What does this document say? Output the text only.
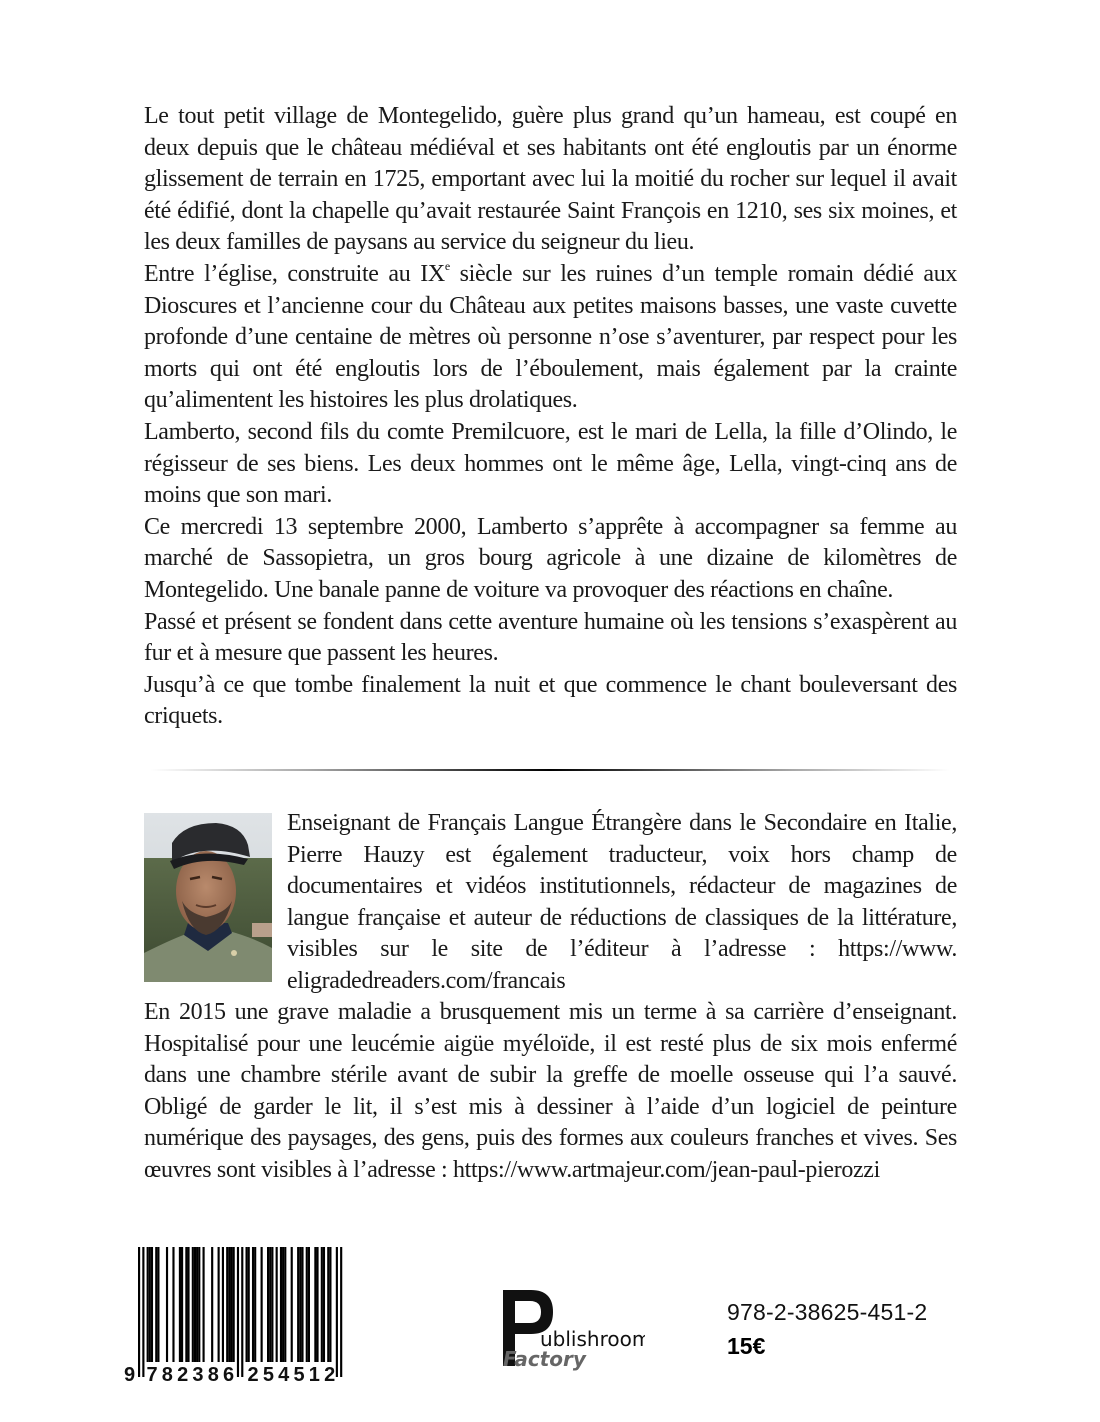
Le tout petit village de Montegelido, guère plus grand qu’un hameau, est coupé en deux depuis que le château médiéval et ses habitants ont été engloutis par un énorme glissement de terrain en 1725, emportant avec lui la moitié du rocher sur lequel il avait été édifié, dont la chapelle qu’avait restaurée Saint François en 1210, ses six moines, et les deux familles de paysans au service du seigneur du lieu.

Entre l’église, construite au IXe siècle sur les ruines d’un temple romain dédié aux Dioscures et l’ancienne cour du Château aux petites maisons basses, une vaste cuvette profonde d’une centaine de mètres où personne n’ose s’aventurer, par respect pour les morts qui ont été engloutis lors de l’éboulement, mais également par la crainte qu’alimentent les histoires les plus drolatiques.

Lamberto, second fils du comte Premilcuore, est le mari de Lella, la fille d’Olindo, le régisseur de ses biens. Les deux hommes ont le même âge, Lella, vingt-cinq ans de moins que son mari.

Ce mercredi 13 septembre 2000, Lamberto s’apprête à accompagner sa femme au marché de Sassopietra, un gros bourg agricole à une dizaine de kilomètres de Montegelido. Une banale panne de voiture va provoquer des réactions en chaîne.

Passé et présent se fondent dans cette aventure humaine où les tensions s’exaspèrent au fur et à mesure que passent les heures.

Jusqu’à ce que tombe finalement la nuit et que commence le chant bouleversant des criquets.

Enseignant de Français Langue Étrangère dans le Secondaire en Italie, Pierre Hauzy est également traducteur, voix hors champ de documentaires et vidéos institutionnels, rédacteur de magazines de langue française et auteur de réductions de classiques de la littérature, visibles sur le site de l’éditeur à l’adresse : https://www. eligradedreaders.com/francais

En 2015 une grave maladie a brusquement mis un terme à sa carrière d’enseignant. Hospitalisé pour une leucémie aigüe myéloïde, il est resté plus de six mois enfermé dans une chambre stérile avant de subir la greffe de moelle osseuse qui l’a sauvé. Obligé de garder le lit, il s’est mis à dessiner à l’aide d’un logiciel de peinture numérique des paysages, des gens, puis des formes aux couleurs franches et vives. Ses œuvres sont visibles à l’adresse : https://www.artmajeur.com/jean-paul-pierozzi

9 782386 254512
ublishroom
Factory
978-2-38625-451-2
15€
